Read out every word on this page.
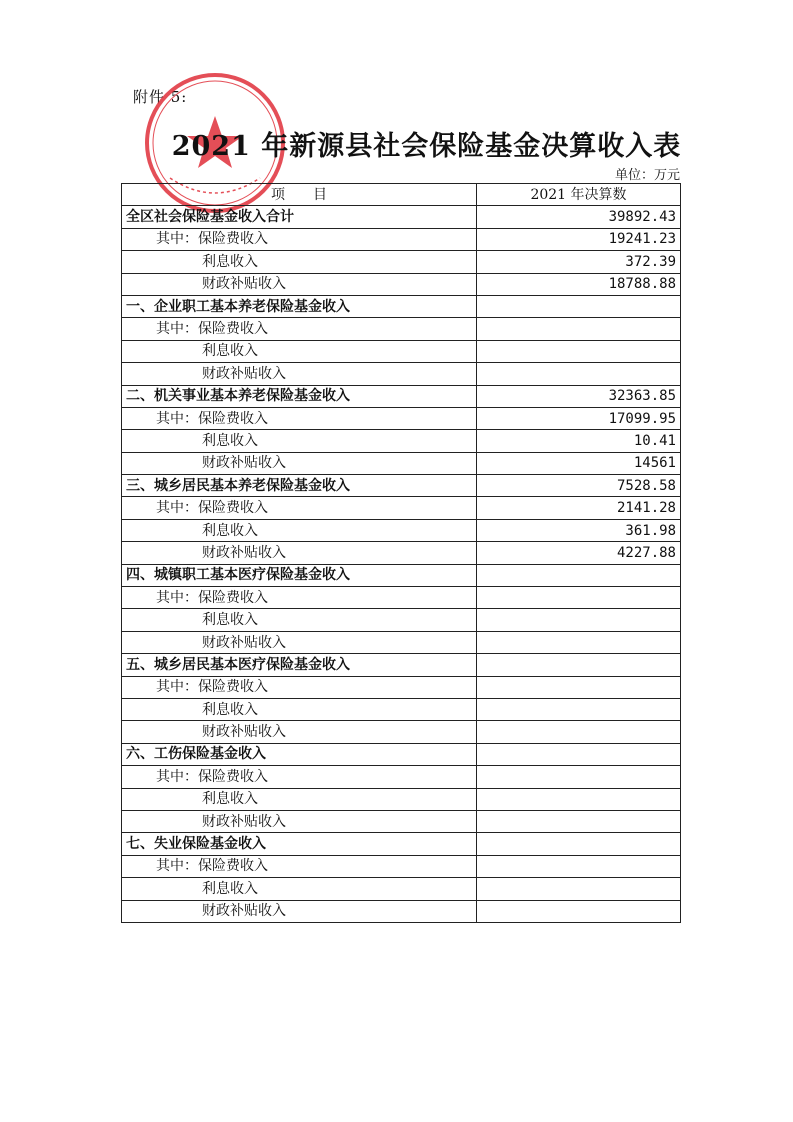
附件 5:
2021 年新源县社会保险基金决算收入表
单位：万元
项　　目	2021 年决算数
全区社会保险基金收入合计	39892.43
其中：保险费收入	19241.23
利息收入	372.39
财政补贴收入	18788.88
一、企业职工基本养老保险基金收入	
其中：保险费收入	
利息收入	
财政补贴收入	
二、机关事业基本养老保险基金收入	32363.85
其中：保险费收入	17099.95
利息收入	10.41
财政补贴收入	14561
三、城乡居民基本养老保险基金收入	7528.58
其中：保险费收入	2141.28
利息收入	361.98
财政补贴收入	4227.88
四、城镇职工基本医疗保险基金收入	
其中：保险费收入	
利息收入	
财政补贴收入	
五、城乡居民基本医疗保险基金收入	
其中：保险费收入	
利息收入	
财政补贴收入	
六、工伤保险基金收入	
其中：保险费收入	
利息收入	
财政补贴收入	
七、失业保险基金收入	
其中：保险费收入	
利息收入	
财政补贴收入	
